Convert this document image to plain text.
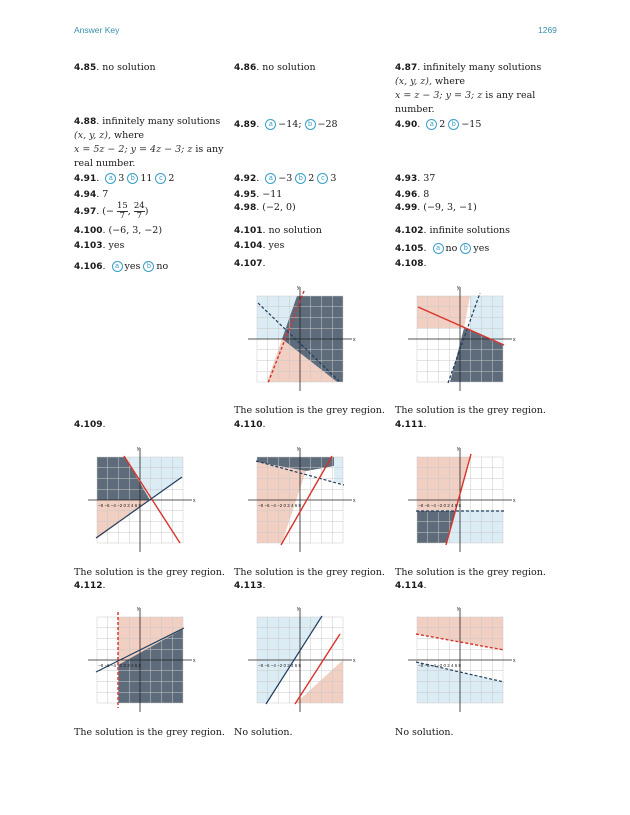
Answer Key	1269
4.85. no solution	4.86. no solution	4.87. infinitely many solutions
(x, y, z), where
x = z − 3; y = 3; z is any real
number.
4.88. infinitely many solutions
(x, y, z), where
x = 5z − 2; y = 4z − 3; z is any
real number.
4.89. a −14; b −28	4.90. a 2 b −15
4.91. a 3 b 11 c 2	4.92. a −3 b 2 c 3	4.93. 37
4.94. 7	4.95. −11	4.96. 8
4.97. (− $\frac{15}{7}$ , $\frac{24}{7}$ )	4.98. (−2, 0)	4.99. (−9, 3, −1)
4.100. (−6, 3, −2)	4.101. no solution	4.102. infinite solutions
4.103. yes	4.104. yes	4.105. a no b yes
4.106. a yes b no	4.107.	4.108.
x
y
x
y
The solution is the grey region. The solution is the grey region.
4.109.	4.110.	4.111.
x
y
−8 −6 −4 −2 0 2 4 6 8
x
y
−8 −6 −4 −2 0 2 4 6 8
x
y
−8 −6 −4 −2 0 2 4 6 8
The solution is the grey region. The solution is the grey region. The solution is the grey region.
4.112.	4.113.	4.114.
x
y
−8 −6 −4 −2 0 2 4 6 8
x
y
−8 −6 −4 −2 0 2 4 6 8
x
y
−8 −6 −4 −2 0 2 4 6 8
The solution is the grey region. No solution.	No solution.
